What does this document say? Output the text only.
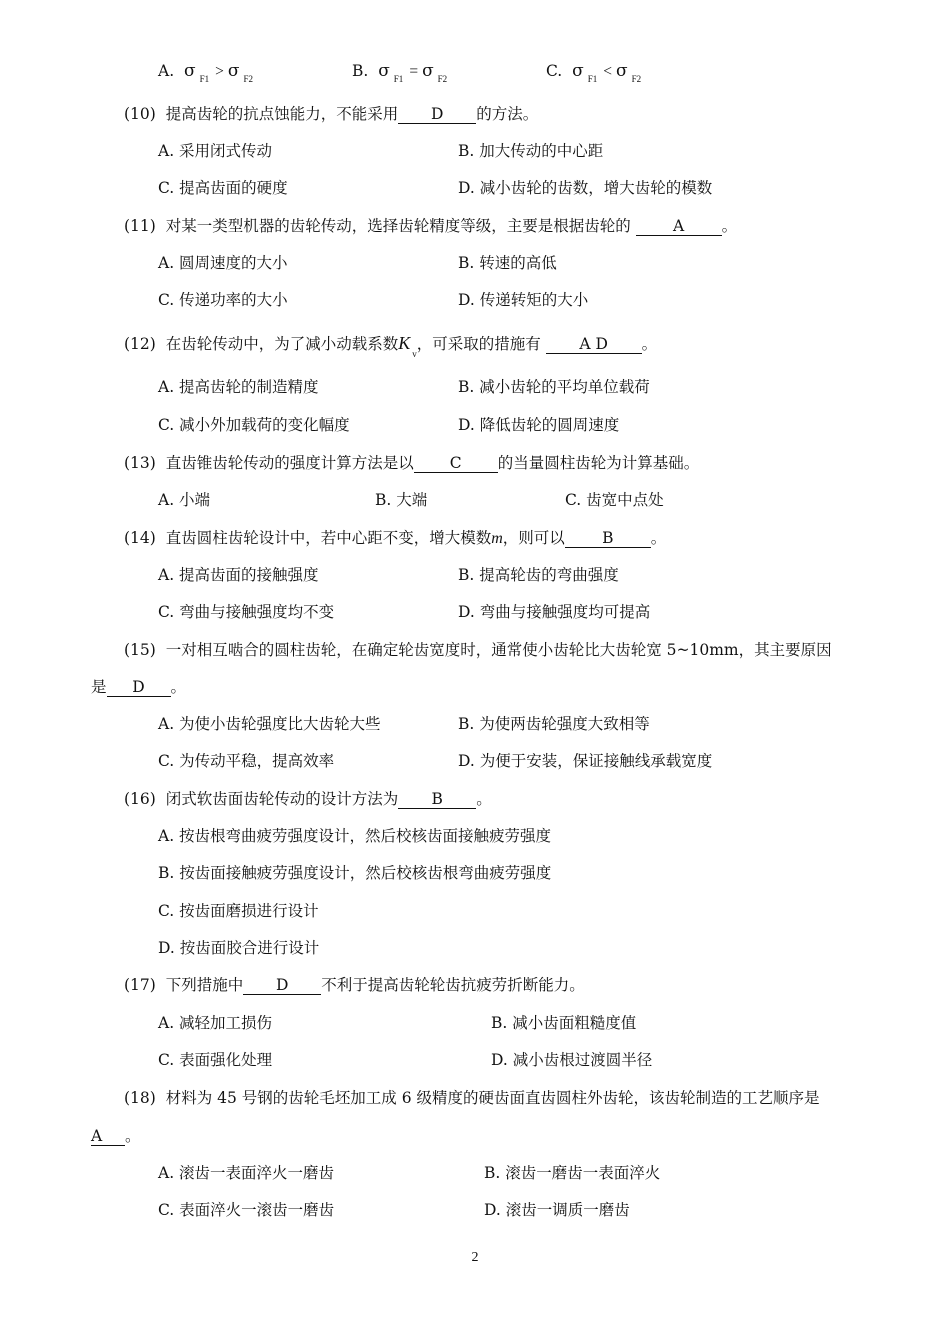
A. σ $_{F1}$ > σ $_{F2}$	B. σ $_{F1}$ = σ $_{F2}$	C. σ $_{F1}$ < σ $_{F2}$
(10) 提高齿轮的抗点蚀能力，不能采用 D 的方法。
A. 采用闭式传动	B. 加大传动的中心距
C. 提高齿面的硬度	D. 减小齿轮的齿数，增大齿轮的模数
(11) 对某一类型机器的齿轮传动，选择齿轮精度等级，主要是根据齿轮的	A 。
A. 圆周速度的大小	B. 转速的高低
C. 传递功率的大小	D. 传递转矩的大小
(12) 在齿轮传动中，为了减小动载系数$K_v$，可采取的措施有 A D 。
A. 提高齿轮的制造精度	B. 减小齿轮的平均单位载荷
C. 减小外加载荷的变化幅度	D. 降低齿轮的圆周速度
(13) 直齿锥齿轮传动的强度计算方法是以 C 的当量圆柱齿轮为计算基础。
A. 小端	B. 大端	C. 齿宽中点处
(14) 直齿圆柱齿轮设计中，若中心距不变，增大模数m，则可以 B 。
A. 提高齿面的接触强度	B. 提高轮齿的弯曲强度
C. 弯曲与接触强度均不变	D. 弯曲与接触强度均可提高
(15) 一对相互啮合的圆柱齿轮，在确定轮齿宽度时，通常使小齿轮比大齿轮宽 5~10mm，其主要原因
是 D 。
A. 为使小齿轮强度比大齿轮大些	B. 为使两齿轮强度大致相等
C. 为传动平稳，提高效率	D. 为便于安装，保证接触线承载宽度
(16) 闭式软齿面齿轮传动的设计方法为 B 。
A. 按齿根弯曲疲劳强度设计，然后校核齿面接触疲劳强度
B. 按齿面接触疲劳强度设计，然后校核齿根弯曲疲劳强度
C. 按齿面磨损进行设计
D. 按齿面胶合进行设计
(17) 下列措施中 D 不利于提高齿轮轮齿抗疲劳折断能力。
A. 减轻加工损伤	B. 减小齿面粗糙度值
C. 表面强化处理	D. 减小齿根过渡圆半径
(18) 材料为 45 号钢的齿轮毛坯加工成 6 级精度的硬齿面直齿圆柱外齿轮，该齿轮制造的工艺顺序是
A 。
A. 滚齿一表面淬火一磨齿	B. 滚齿一磨齿一表面淬火
C. 表面淬火一滚齿一磨齿	D. 滚齿一调质一磨齿
2
